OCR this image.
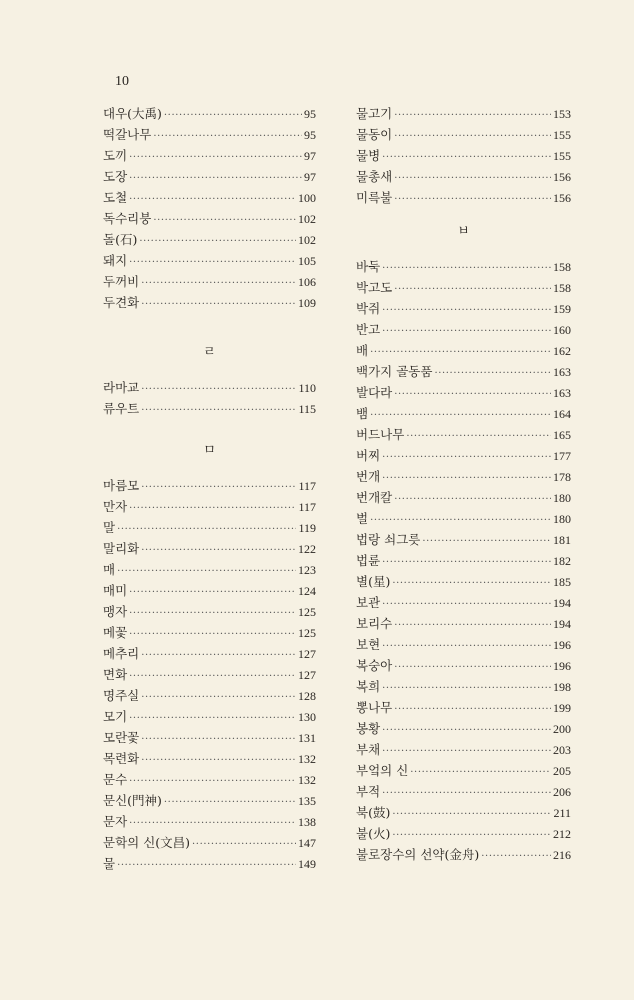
10
대우(大禹) ·····	95
떡갈나무 ·····	95
도끼 ·····	97
도장 ·····	97
도철 ·····	100
독수리붕 ·····	102
돌(石) ·····	102
돼지 ·····	105
두꺼비 ·····	106
두견화 ·····	109
ㄹ
라마교 ·····	110
류우트 ·····	115
ㅁ
마름모 ·····	117
만자 ·····	117
말 ·····	119
말리화 ·····	122
매 ·····	123
매미 ·····	124
맹자 ·····	125
메꽃 ·····	125
메추리 ·····	127
면화 ·····	127
명주실 ·····	128
모기 ·····	130
모란꽃 ·····	131
목련화 ·····	132
문수 ·····	132
문신(門神) ·····	135
문자 ·····	138
문학의 신(文昌) ·····	147
물 ·····	149
물고기 ·····	153
물동이 ·····	155
물병 ·····	155
물총새 ·····	156
미륵불 ·····	156
ㅂ
바둑 ·····	158
박고도 ·····	158
박쥐 ·····	159
반고 ·····	160
배 ·····	162
백가지 골동품 ·····	163
발다라 ·····	163
뱀 ·····	164
버드나무 ·····	165
버찌 ·····	177
번개 ·····	178
번개칼 ·····	180
벌 ·····	180
법랑 쇠그릇 ·····	181
법륜 ·····	182
별(星) ·····	185
보관 ·····	194
보리수 ·····	194
보현 ·····	196
복숭아 ·····	196
복희 ·····	198
뽕나무 ·····	199
봉황 ·····	200
부채 ·····	203
부엌의 신 ·····	205
부적 ·····	206
북(鼓) ·····	211
불(火) ·····	212
불로장수의 선약(金舟) ·····	216
